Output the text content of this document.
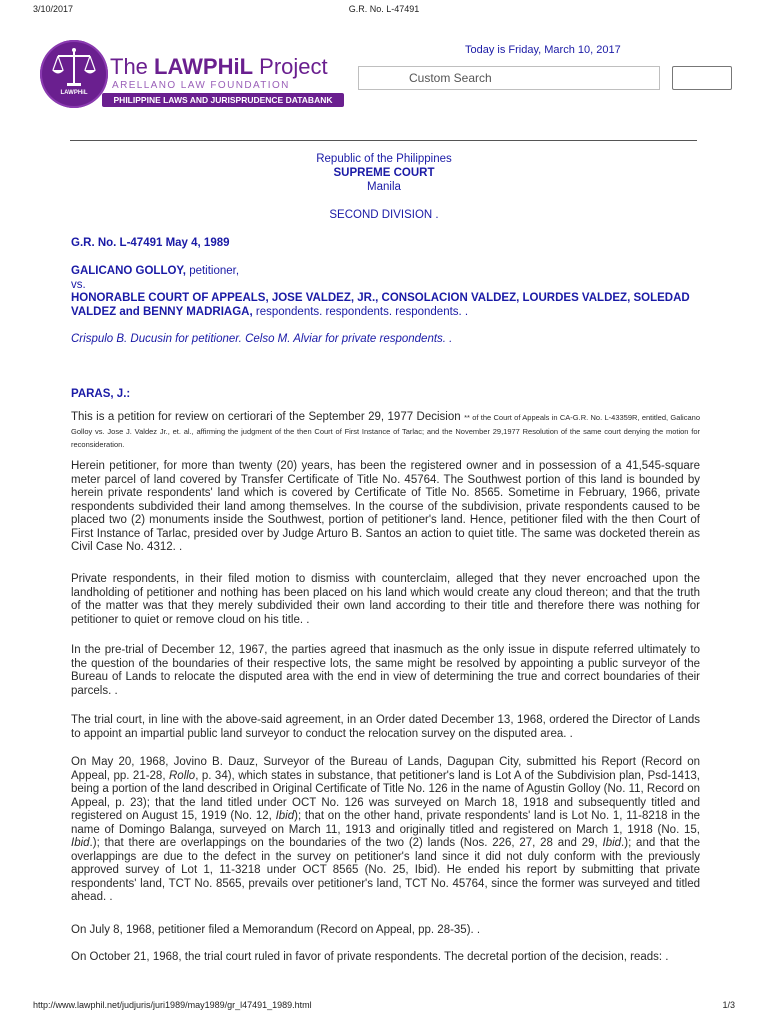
3/10/2017	G.R. No. L-47491
LAWPHiL
The LAWPHiL Project
ARELLANO LAW FOUNDATION
PHILIPPINE LAWS AND JURISPRUDENCE DATABANK
Today is Friday, March 10, 2017
Custom Search
Republic of the Philippines
SUPREME COURT
Manila
SECOND DIVISION .
G.R. No. L-47491 May 4, 1989
GALICANO GOLLOY, petitioner,
vs.
HONORABLE COURT OF APPEALS, JOSE VALDEZ, JR., CONSOLACION VALDEZ, LOURDES VALDEZ, SOLEDAD VALDEZ and BENNY MADRIAGA, respondents. respondents. respondents. .
Crispulo B. Ducusin for petitioner. Celso M. Alviar for private respondents. .
PARAS, J.:
This is a petition for review on certiorari of the September 29, 1977 Decision ** of the Court of Appeals in CA-G.R. No. L-43359R, entitled, Galicano Golloy vs. Jose J. Valdez Jr., et. al., affirming the judgment of the then Court of First Instance of Tarlac; and the November 29,1977 Resolution of the same court denying the motion for reconsideration.
Herein petitioner, for more than twenty (20) years, has been the registered owner and in possession of a 41,545-square meter parcel of land covered by Transfer Certificate of Title No. 45764. The Southwest portion of this land is bounded by herein private respondents' land which is covered by Certificate of Title No. 8565. Sometime in February, 1966, private respondents subdivided their land among themselves. In the course of the subdivision, private respondents caused to be placed two (2) monuments inside the Southwest, portion of petitioner's land. Hence, petitioner filed with the then Court of First Instance of Tarlac, presided over by Judge Arturo B. Santos an action to quiet title. The same was docketed therein as Civil Case No. 4312. .
Private respondents, in their filed motion to dismiss with counterclaim, alleged that they never encroached upon the landholding of petitioner and nothing has been placed on his land which would create any cloud thereon; and that the truth of the matter was that they merely subdivided their own land according to their title and therefore there was nothing for petitioner to quiet or remove cloud on his title. .
In the pre-trial of December 12, 1967, the parties agreed that inasmuch as the only issue in dispute referred ultimately to the question of the boundaries of their respective lots, the same might be resolved by appointing a public surveyor of the Bureau of Lands to relocate the disputed area with the end in view of determining the true and correct boundaries of their parcels. .
The trial court, in line with the above-said agreement, in an Order dated December 13, 1968, ordered the Director of Lands to appoint an impartial public land surveyor to conduct the relocation survey on the disputed area. .
On May 20, 1968, Jovino B. Dauz, Surveyor of the Bureau of Lands, Dagupan City, submitted his Report (Record on Appeal, pp. 21-28, Rollo, p. 34), which states in substance, that petitioner's land is Lot A of the Subdivision plan, Psd-1413, being a portion of the land described in Original Certificate of Title No. 126 in the name of Agustin Golloy (No. 11, Record on Appeal, p. 23); that the land titled under OCT No. 126 was surveyed on March 18, 1918 and subsequently titled and registered on August 15, 1919 (No. 12, Ibid); that on the other hand, private respondents' land is Lot No. 1, 11-8218 in the name of Domingo Balanga, surveyed on March 11, 1913 and originally titled and registered on March 1, 1918 (No. 15, Ibid.); that there are overlappings on the boundaries of the two (2) lands (Nos. 226, 27, 28 and 29, Ibid.); and that the overlappings are due to the defect in the survey on petitioner's land since it did not duly conform with the previously approved survey of Lot 1, 11-3218 under OCT 8565 (No. 25, Ibid). He ended his report by submitting that private respondents' land, TCT No. 8565, prevails over petitioner's land, TCT No. 45764, since the former was surveyed and titled ahead. .
On July 8, 1968, petitioner filed a Memorandum (Record on Appeal, pp. 28-35). .
On October 21, 1968, the trial court ruled in favor of private respondents. The decretal portion of the decision, reads: .
http://www.lawphil.net/judjuris/juri1989/may1989/gr_l47491_1989.html	1/3
